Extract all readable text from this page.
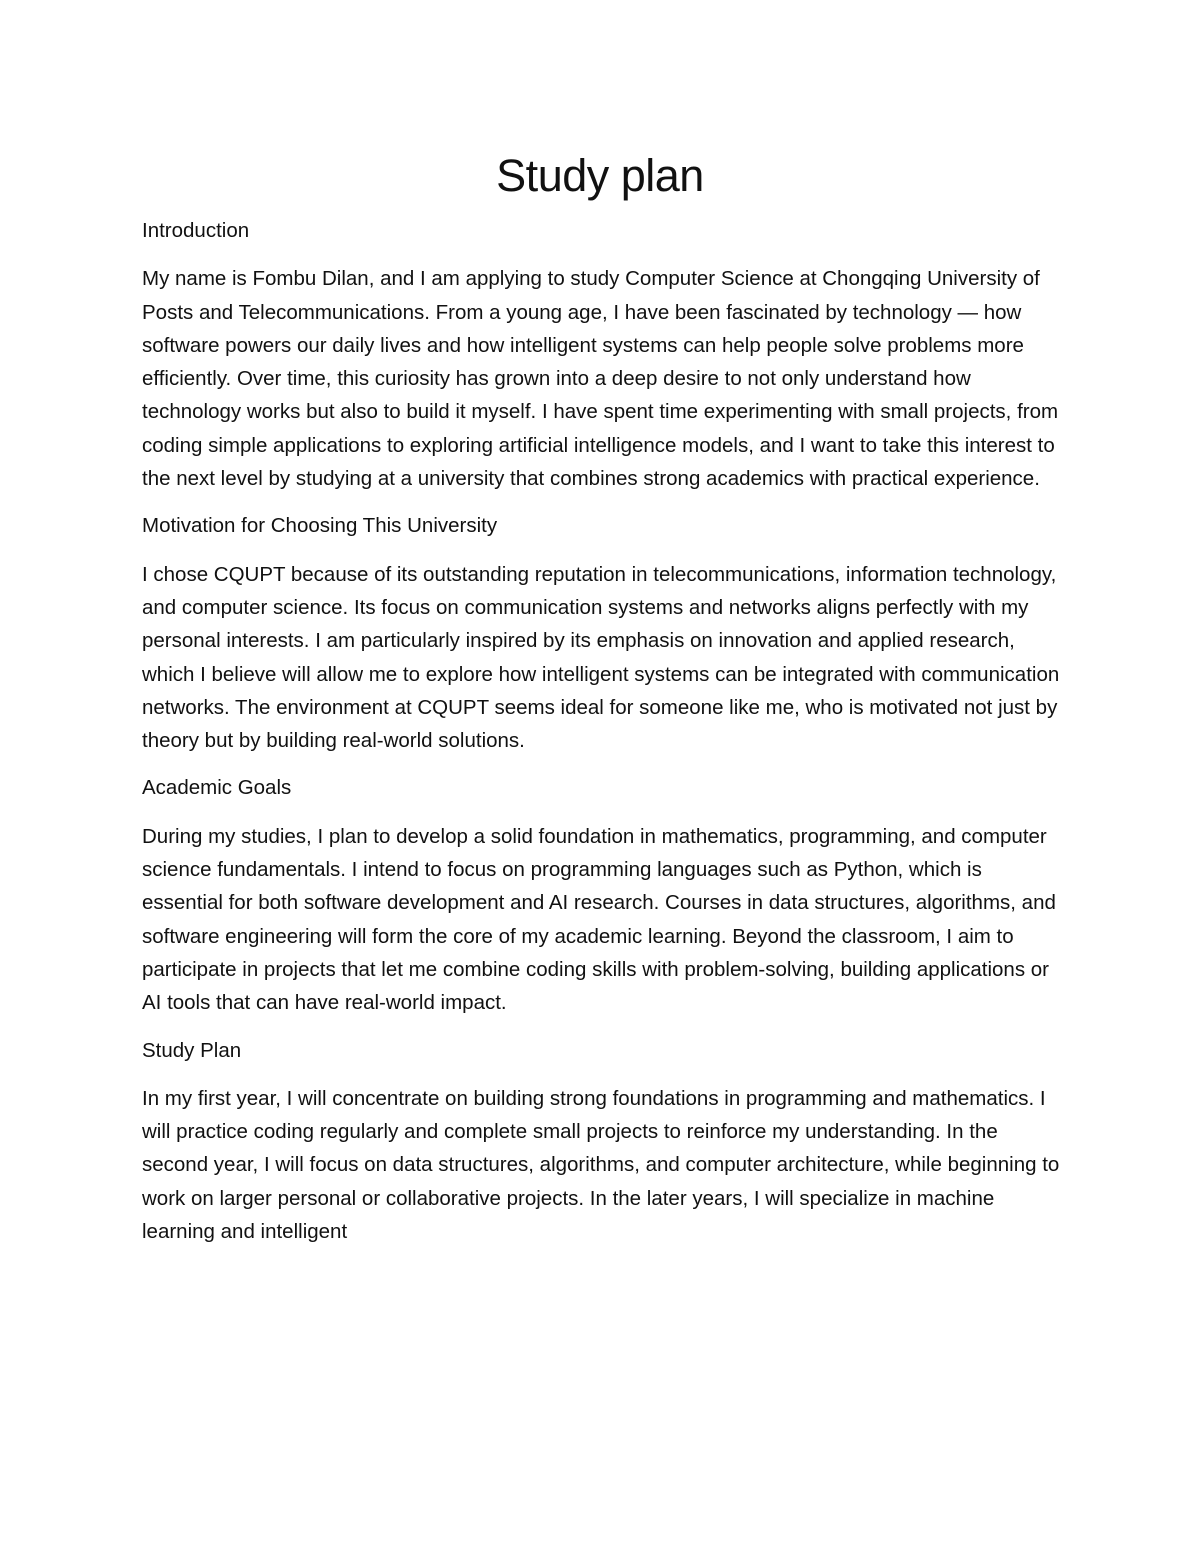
Study plan
Introduction

My name is Fombu Dilan, and I am applying to study Computer Science at Chongqing University of Posts and Telecommunications. From a young age, I have been fascinated by technology — how software powers our daily lives and how intelligent systems can help people solve problems more efficiently. Over time, this curiosity has grown into a deep desire to not only understand how technology works but also to build it myself. I have spent time experimenting with small projects, from coding simple applications to exploring artificial intelligence models, and I want to take this interest to the next level by studying at a university that combines strong academics with practical experience.

Motivation for Choosing This University

I chose CQUPT because of its outstanding reputation in telecommunications, information technology, and computer science. Its focus on communication systems and networks aligns perfectly with my personal interests. I am particularly inspired by its emphasis on innovation and applied research, which I believe will allow me to explore how intelligent systems can be integrated with communication networks. The environment at CQUPT seems ideal for someone like me, who is motivated not just by theory but by building real-world solutions.

Academic Goals

During my studies, I plan to develop a solid foundation in mathematics, programming, and computer science fundamentals. I intend to focus on programming languages such as Python, which is essential for both software development and AI research. Courses in data structures, algorithms, and software engineering will form the core of my academic learning. Beyond the classroom, I aim to participate in projects that let me combine coding skills with problem-solving, building applications or AI tools that can have real-world impact.

Study Plan

In my first year, I will concentrate on building strong foundations in programming and mathematics. I will practice coding regularly and complete small projects to reinforce my understanding. In the second year, I will focus on data structures, algorithms, and computer architecture, while beginning to work on larger personal or collaborative projects. In the later years, I will specialize in machine learning and intelligent
